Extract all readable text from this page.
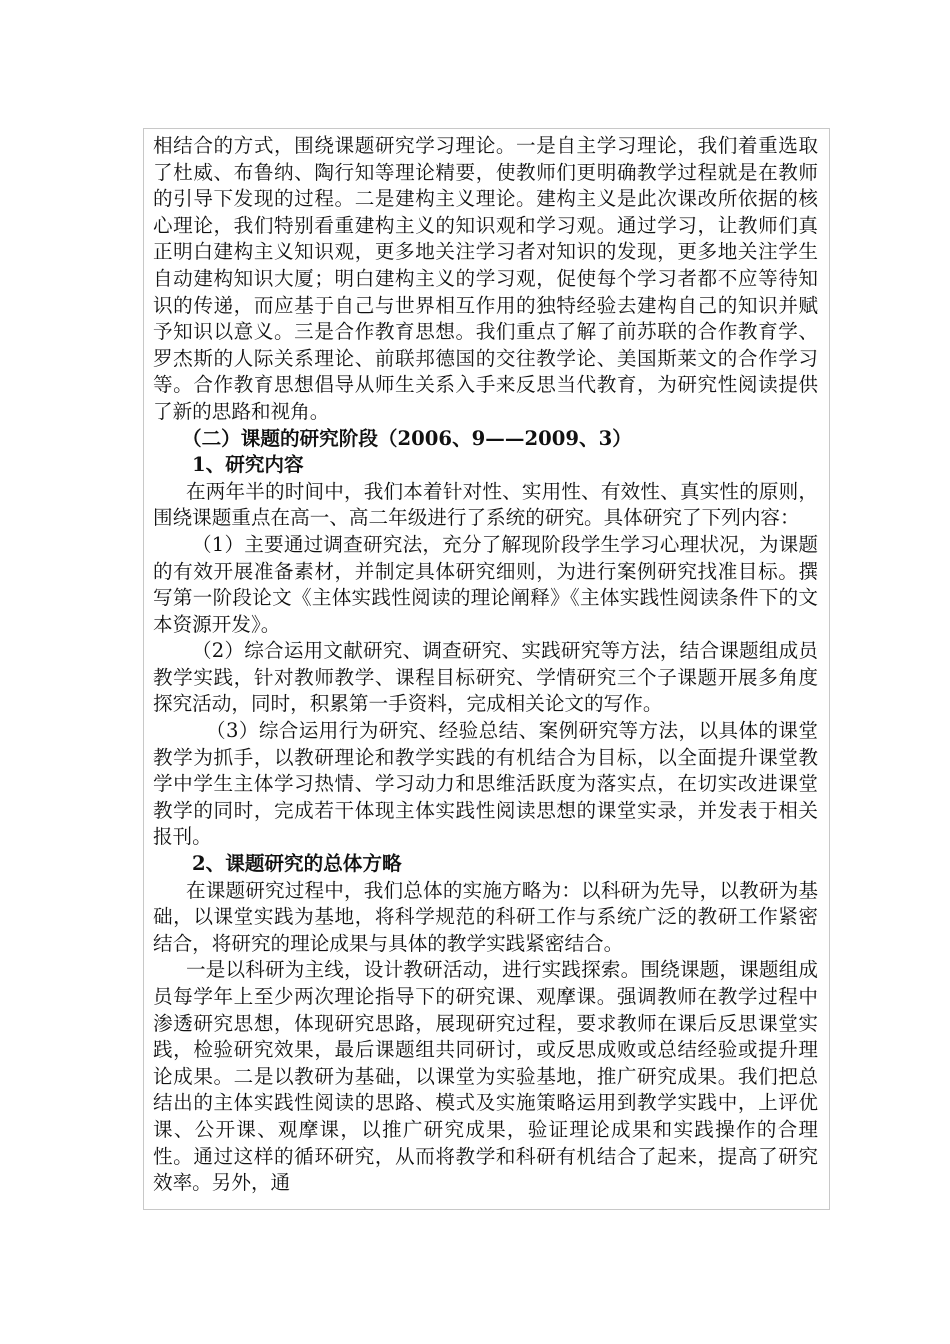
相结合的方式，围绕课题研究学习理论。一是自主学习理论，我们着重选取了杜威、布鲁纳、陶行知等理论精要，使教师们更明确教学过程就是在教师的引导下发现的过程。二是建构主义理论。建构主义是此次课改所依据的核心理论，我们特别看重建构主义的知识观和学习观。通过学习，让教师们真正明白建构主义知识观，更多地关注学习者对知识的发现，更多地关注学生自动建构知识大厦；明白建构主义的学习观，促使每个学习者都不应等待知识的传递，而应基于自己与世界相互作用的独特经验去建构自己的知识并赋予知识以意义。三是合作教育思想。我们重点了解了前苏联的合作教育学、罗杰斯的人际关系理论、前联邦德国的交往教学论、美国斯莱文的合作学习等。合作教育思想倡导从师生关系入手来反思当代教育，为研究性阅读提供了新的思路和视角。

（二）课题的研究阶段（2006、9——2009、3）

1、研究内容

在两年半的时间中，我们本着针对性、实用性、有效性、真实性的原则，围绕课题重点在高一、高二年级进行了系统的研究。具体研究了下列内容：

（1）主要通过调查研究法，充分了解现阶段学生学习心理状况，为课题的有效开展准备素材，并制定具体研究细则，为进行案例研究找准目标。撰写第一阶段论文《主体实践性阅读的理论阐释》《主体实践性阅读条件下的文本资源开发》。

（2）综合运用文献研究、调查研究、实践研究等方法，结合课题组成员教学实践，针对教师教学、课程目标研究、学情研究三个子课题开展多角度探究活动，同时，积累第一手资料，完成相关论文的写作。

（3）综合运用行为研究、经验总结、案例研究等方法，以具体的课堂教学为抓手，以教研理论和教学实践的有机结合为目标，以全面提升课堂教学中学生主体学习热情、学习动力和思维活跃度为落实点，在切实改进课堂教学的同时，完成若干体现主体实践性阅读思想的课堂实录，并发表于相关报刊。

2、课题研究的总体方略

在课题研究过程中，我们总体的实施方略为：以科研为先导，以教研为基础，以课堂实践为基地，将科学规范的科研工作与系统广泛的教研工作紧密结合，将研究的理论成果与具体的教学实践紧密结合。

一是以科研为主线，设计教研活动，进行实践探索。围绕课题，课题组成员每学年上至少两次理论指导下的研究课、观摩课。强调教师在教学过程中渗透研究思想，体现研究思路，展现研究过程，要求教师在课后反思课堂实践，检验研究效果，最后课题组共同研讨，或反思成败或总结经验或提升理论成果。二是以教研为基础，以课堂为实验基地，推广研究成果。我们把总结出的主体实践性阅读的思路、模式及实施策略运用到教学实践中，上评优课、公开课、观摩课，以推广研究成果，验证理论成果和实践操作的合理性。通过这样的循环研究，从而将教学和科研有机结合了起来，提高了研究效率。另外，通
